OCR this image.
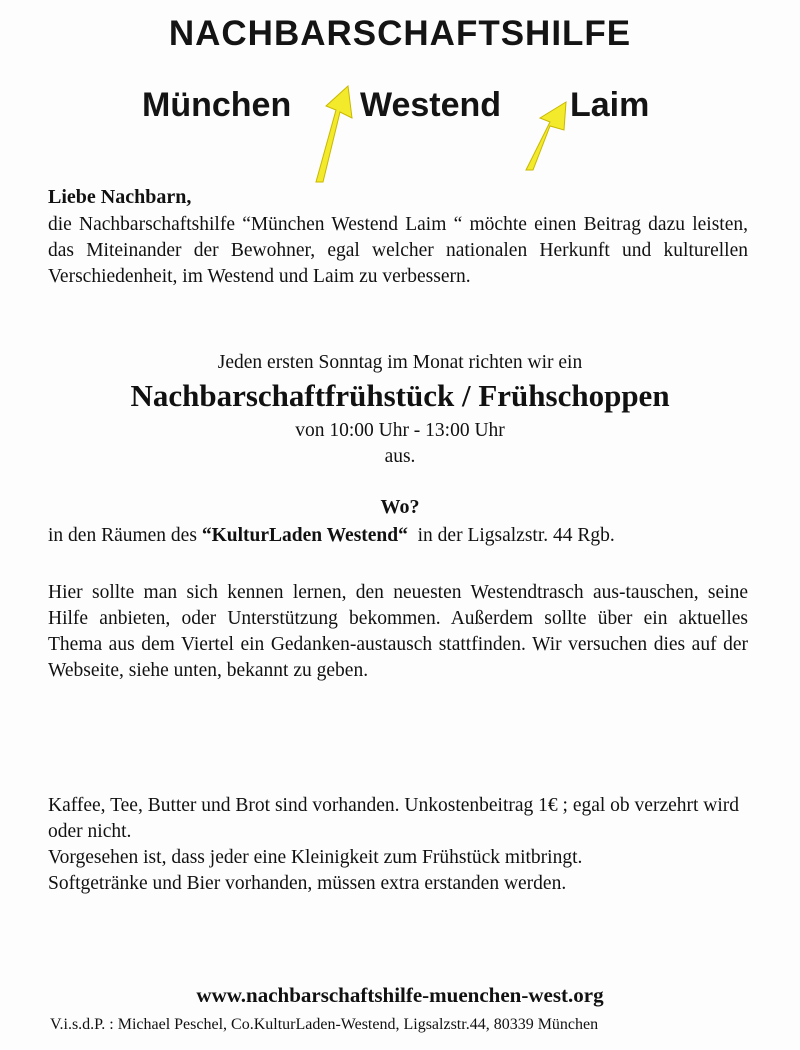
NACHBARSCHAFTSHILFE
München Westend Laim
Liebe Nachbarn,
die Nachbarschaftshilfe “München Westend Laim “ möchte einen Beitrag dazu leisten, das Miteinander der Bewohner, egal welcher nationalen Herkunft und kulturellen Verschiedenheit, im Westend und Laim zu verbessern.
Jeden ersten Sonntag im Monat richten wir ein
Nachbarschaftfrühstück / Frühschoppen
von 10:00 Uhr - 13:00 Uhr
aus.
Wo?
in den Räumen des “KulturLaden Westend“  in der Ligsalzstr. 44 Rgb.
Hier sollte man sich kennen lernen, den neuesten Westendtrasch aus-tauschen, seine Hilfe anbieten, oder Unterstützung bekommen. Außerdem sollte über ein aktuelles Thema aus dem Viertel ein Gedanken-austausch stattfinden. Wir versuchen dies auf der Webseite, siehe unten, bekannt zu geben.
Kaffee, Tee, Butter und Brot sind vorhanden. Unkostenbeitrag 1€ ; egal ob verzehrt wird oder nicht.
Vorgesehen ist, dass jeder eine Kleinigkeit zum Frühstück mitbringt.
Softgetränke und Bier vorhanden, müssen extra erstanden werden.
www.nachbarschaftshilfe-muenchen-west.org
V.i.s.d.P. : Michael Peschel, Co.KulturLaden-Westend, Ligsalzstr.44, 80339 München
